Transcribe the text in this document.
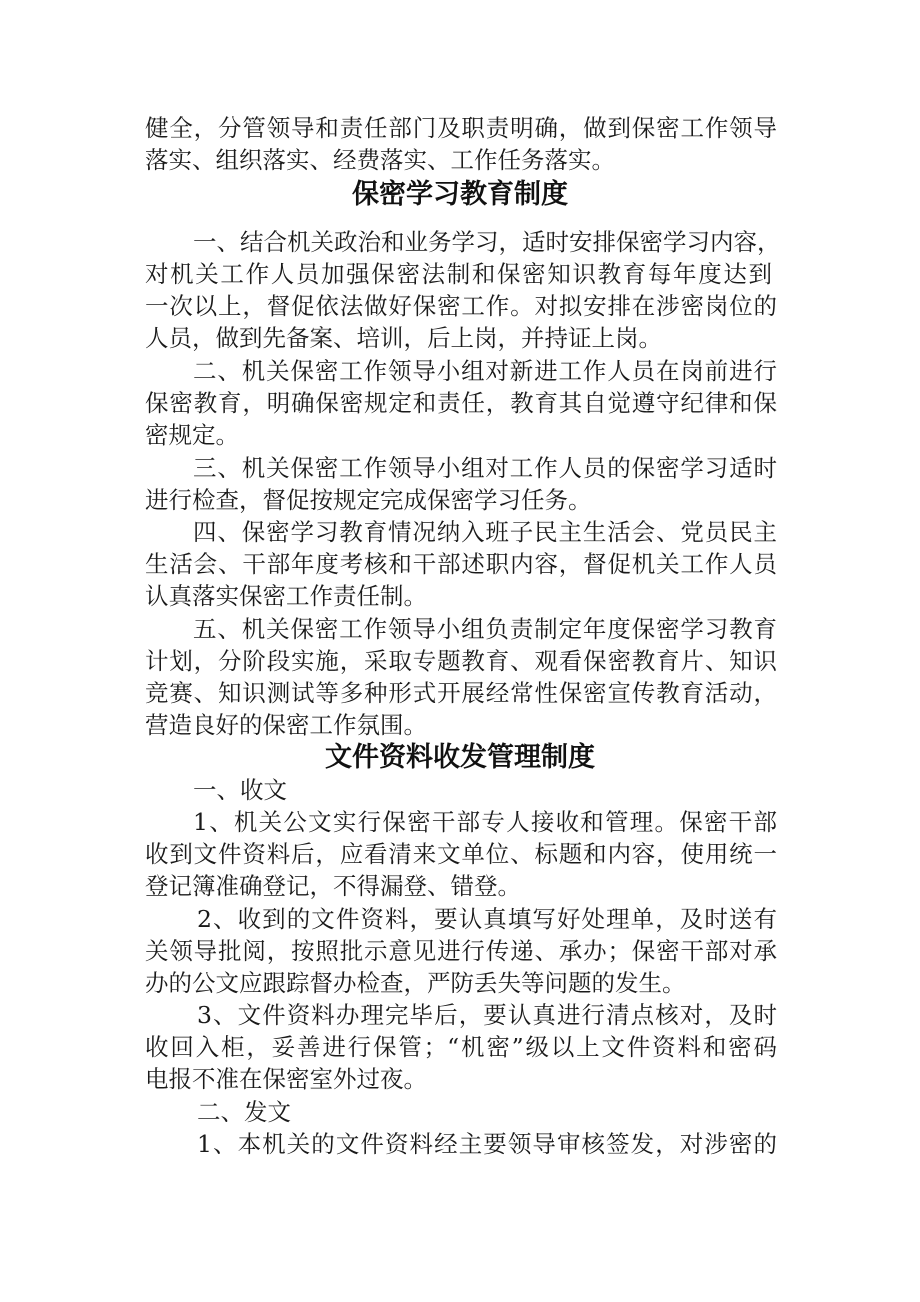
健全，分管领导和责任部门及职责明确，做到保密工作领导
落实、组织落实、经费落实、工作任务落实。
保密学习教育制度
一、结合机关政治和业务学习，适时安排保密学习内容，
对机关工作人员加强保密法制和保密知识教育每年度达到
一次以上，督促依法做好保密工作。对拟安排在涉密岗位的
人员，做到先备案、培训，后上岗，并持证上岗。
二、机关保密工作领导小组对新进工作人员在岗前进行
保密教育，明确保密规定和责任，教育其自觉遵守纪律和保
密规定。
三、机关保密工作领导小组对工作人员的保密学习适时
进行检查，督促按规定完成保密学习任务。
四、保密学习教育情况纳入班子民主生活会、党员民主
生活会、干部年度考核和干部述职内容，督促机关工作人员
认真落实保密工作责任制。
五、机关保密工作领导小组负责制定年度保密学习教育
计划，分阶段实施，采取专题教育、观看保密教育片、知识
竞赛、知识测试等多种形式开展经常性保密宣传教育活动，
营造良好的保密工作氛围。
文件资料收发管理制度
一、收文
1、机关公文实行保密干部专人接收和管理。保密干部
收到文件资料后，应看清来文单位、标题和内容，使用统一
登记簿准确登记，不得漏登、错登。
2、收到的文件资料，要认真填写好处理单，及时送有
关领导批阅，按照批示意见进行传递、承办；保密干部对承
办的公文应跟踪督办检查，严防丢失等问题的发生。
3、文件资料办理完毕后，要认真进行清点核对，及时
收回入柜，妥善进行保管；“机密”级以上文件资料和密码
电报不准在保密室外过夜。
二、发文
1、本机关的文件资料经主要领导审核签发，对涉密的
